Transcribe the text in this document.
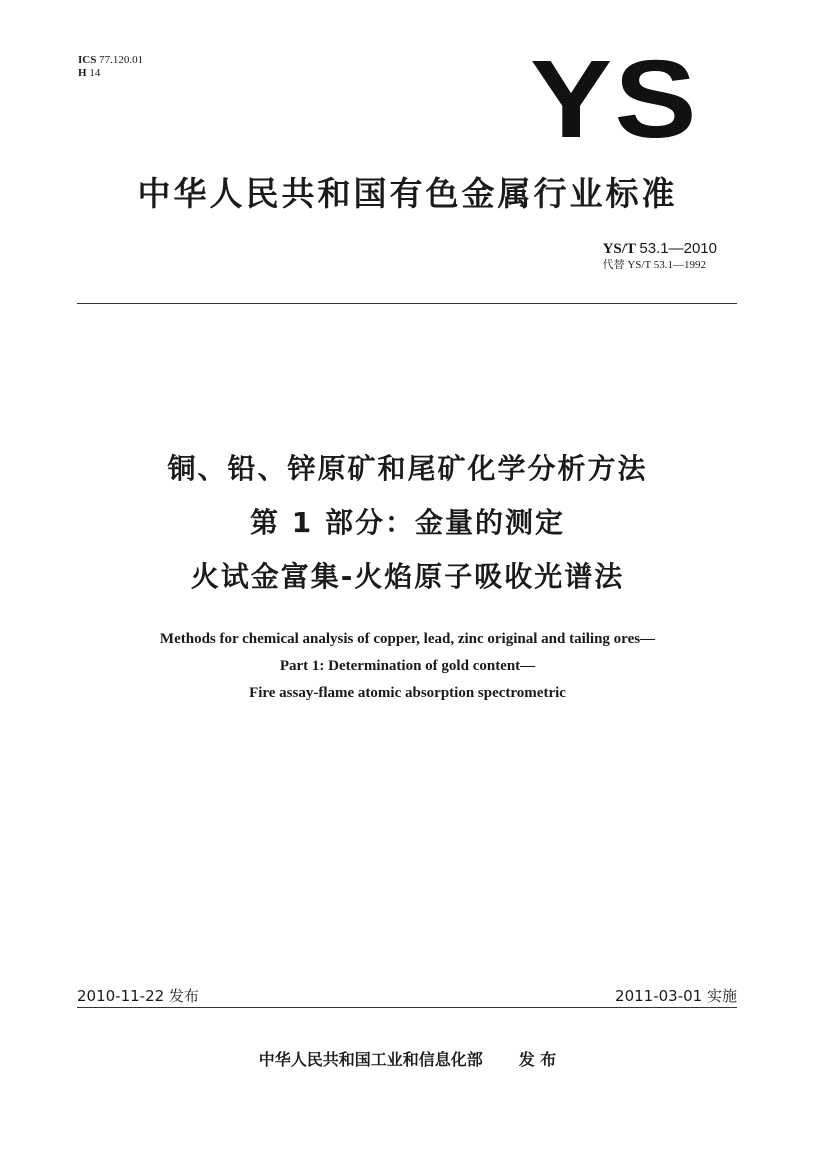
ICS 77.120.01
H 14	YS
中华人民共和国有色金属行业标准
YS/T 53.1—2010
代替 YS/T 53.1—1992
铜、铅、锌原矿和尾矿化学分析方法
第 1 部分：金量的测定
火试金富集-火焰原子吸收光谱法
Methods for chemical analysis of copper, lead, zinc original and tailing ores—
Part 1: Determination of gold content—
Fire assay-flame atomic absorption spectrometric
2010-11-22 发布	2011-03-01 实施
中华人民共和国工业和信息化部 发 布
